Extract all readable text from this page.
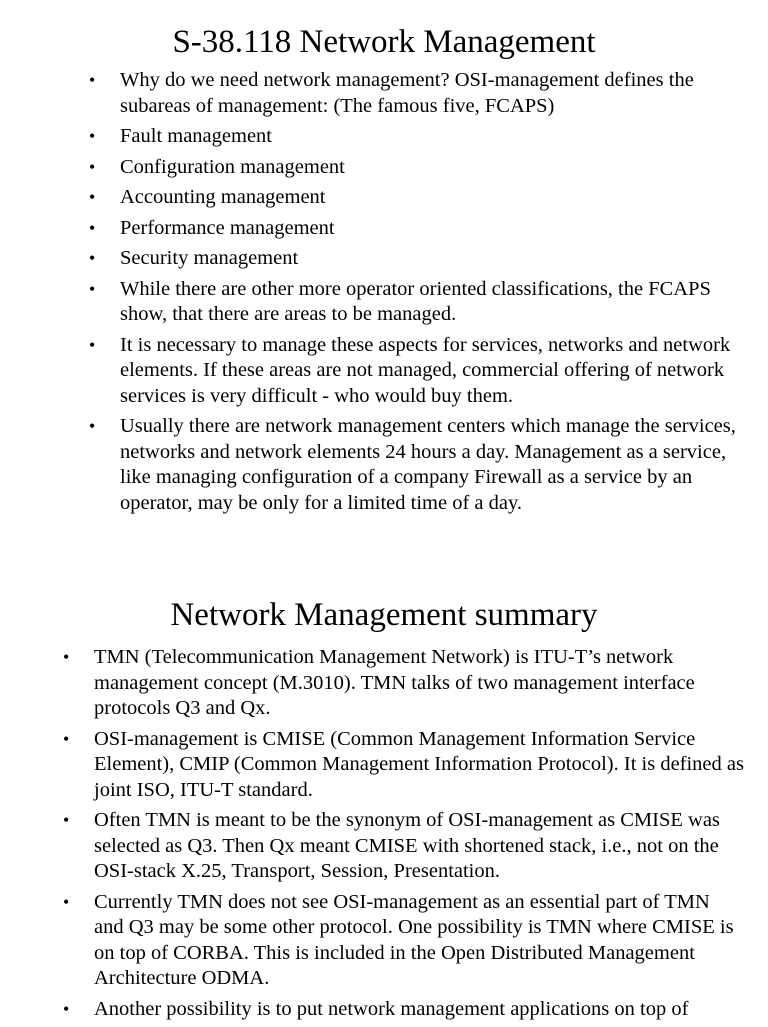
S-38.118 Network Management
• Why do we need network management? OSI-management defines the subareas of management: (The famous five, FCAPS)
• Fault management
• Configuration management
• Accounting management
• Performance management
• Security management
• While there are other more operator oriented classifications, the FCAPS show, that there are areas to be managed.
• It is necessary to manage these aspects for services, networks and network elements. If these areas are not managed, commercial offering of network services is very difficult - who would buy them.
• Usually there are network management centers which manage the services, networks and network elements 24 hours a day. Management as a service, like managing configuration of a company Firewall as a service by an operator, may be only for a limited time of a day.
Network Management summary
• TMN (Telecommunication Management Network) is ITU-T’s network management concept (M.3010). TMN talks of two management interface protocols Q3 and Qx.
• OSI-management is CMISE (Common Management Information Service Element), CMIP (Common Management Information Protocol). It is defined as joint ISO, ITU-T standard.
• Often TMN is meant to be the synonym of OSI-management as CMISE was selected as Q3. Then Qx meant CMISE with shortened stack, i.e., not on the OSI-stack X.25, Transport, Session, Presentation.
• Currently TMN does not see OSI-management as an essential part of TMN and Q3 may be some other protocol. One possibility is TMN where CMISE is on top of CORBA. This is included in the Open Distributed Management Architecture ODMA.
• Another possibility is to put network management applications on top of
